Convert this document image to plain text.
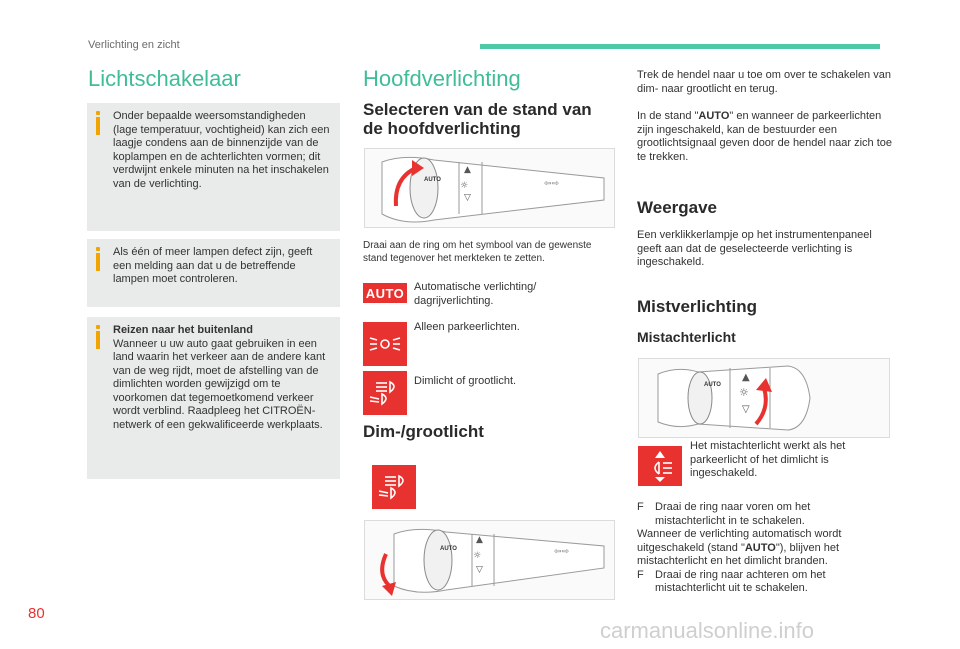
Verlichting en zicht
Lichtschakelaar
Onder bepaalde weersomstandigheden (lage temperatuur, vochtigheid) kan zich een laagje condens aan de binnenzijde van de koplampen en de achterlichten vormen; dit verdwijnt enkele minuten na het inschakelen van de verlichting.
Als één of meer lampen defect zijn, geeft een melding aan dat u de betreffende lampen moet controleren.
Reizen naar het buitenland
Wanneer u uw auto gaat gebruiken in een land waarin het verkeer aan de andere kant van de weg rijdt, moet de afstelling van de dimlichten worden gewijzigd om te voorkomen dat tegemoetkomend verkeer wordt verblind. Raadpleeg het CITROËN-netwerk of een gekwalificeerde werkplaats.
Hoofdverlichting
Selecteren van de stand van de hoofdverlichting
AUTO
▲
☼
▽
⇦⇨
Draai aan de ring om het symbool van de gewenste stand tegenover het merkteken te zetten.
AUTO Automatische verlichting/ dagrijverlichting.
Alleen parkeerlichten.
Dimlicht of grootlicht.
Dim-/grootlicht
AUTO
▲
☼
▽
⇦⇨
Trek de hendel naar u toe om over te schakelen van dim- naar grootlicht en terug.
In de stand "AUTO" en wanneer de parkeerlichten zijn ingeschakeld, kan de bestuurder een grootlichtsignaal geven door de hendel naar zich toe te trekken.
Weergave
Een verklikkerlampje op het instrumentenpaneel geeft aan dat de geselecteerde verlichting is ingeschakeld.
Mistverlichting
Mistachterlicht
AUTO
▲
☼
▽
Het mistachterlicht werkt als het parkeerlicht of het dimlicht is ingeschakeld.
F	Draai de ring naar voren om het mistachterlicht in te schakelen.
Wanneer de verlichting automatisch wordt uitgeschakeld (stand "AUTO"), blijven het mistachterlicht en het dimlicht branden.
F	Draai de ring naar achteren om het mistachterlicht uit te schakelen.
80
carmanualsonline.info
